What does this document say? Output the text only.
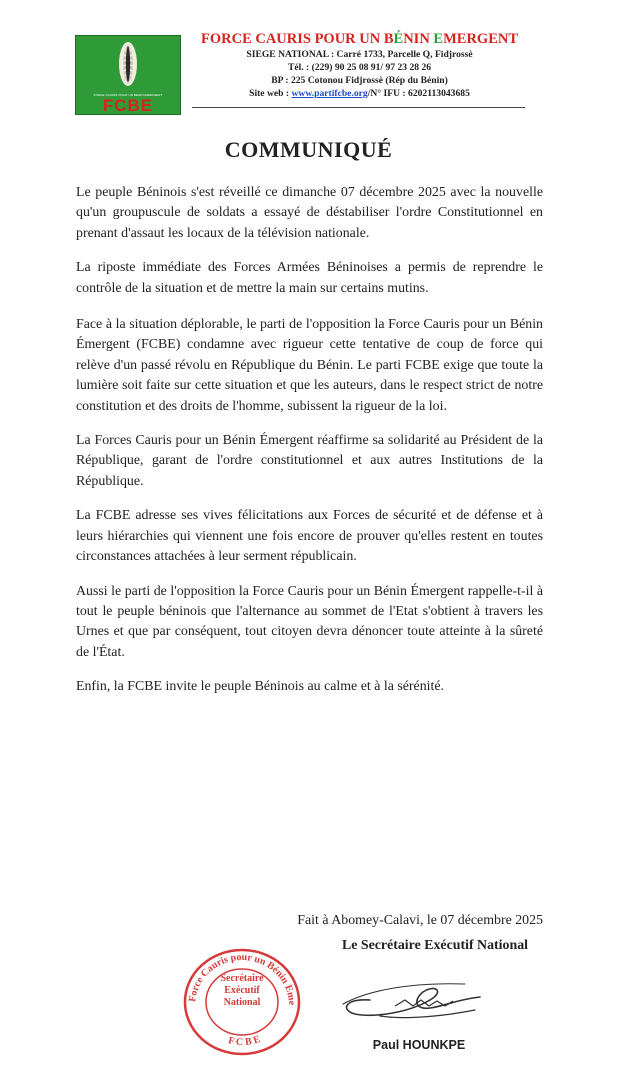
FORCE CAURIS POUR UN BENIN EMERGENT
FCBE
FORCE CAURIS POUR UN BÉNIN EMERGENT
SIEGE NATIONAL : Carré 1733, Parcelle Q, Fidjrossè
Tél. : (229) 90 25 08 91/ 97 23 28 26
BP : 225 Cotonou Fidjrossè (Rép du Bénin)
Site web : www.partifcbe.org/N° IFU : 6202113043685
COMMUNIQUÉ

Le peuple Béninois s'est réveillé ce dimanche 07 décembre 2025 avec la nouvelle qu'un groupuscule de soldats a essayé de déstabiliser l'ordre Constitutionnel en prenant d'assaut les locaux de la télévision nationale.

La riposte immédiate des Forces Armées Béninoises a permis de reprendre le contrôle de la situation et de mettre la main sur certains mutins.

Face à la situation déplorable, le parti de l'opposition la Force Cauris pour un Bénin Émergent (FCBE) condamne avec rigueur cette tentative de coup de force qui relève d'un passé révolu en République du Bénin. Le parti FCBE exige que toute la lumière soit faite sur cette situation et que les auteurs, dans le respect strict de notre constitution et des droits de l'homme, subissent la rigueur de la loi.

La Forces Cauris pour un Bénin Émergent réaffirme sa solidarité au Président de la République, garant de l'ordre constitutionnel et aux autres Institutions de la République.

La FCBE adresse ses vives félicitations aux Forces de sécurité et de défense et à leurs hiérarchies qui viennent une fois encore de prouver qu'elles restent en toutes circonstances attachées à leur serment républicain.

Aussi le parti de l'opposition la Force Cauris pour un Bénin Émergent rappelle-t-il à tout le peuple béninois que l'alternance au sommet de l'Etat s'obtient à travers les Urnes et que par conséquent, tout citoyen devra dénoncer toute atteinte à la sûreté de l'État.

Enfin, la FCBE invite le peuple Béninois au calme et à la sérénité.

Fait à Abomey-Calavi, le 07 décembre 2025
Le Secrétaire Exécutif National
Force Cauris pour un Bénin Eme
F C B E
Secrétaire
Exécutif
National
Paul HOUNKPE
